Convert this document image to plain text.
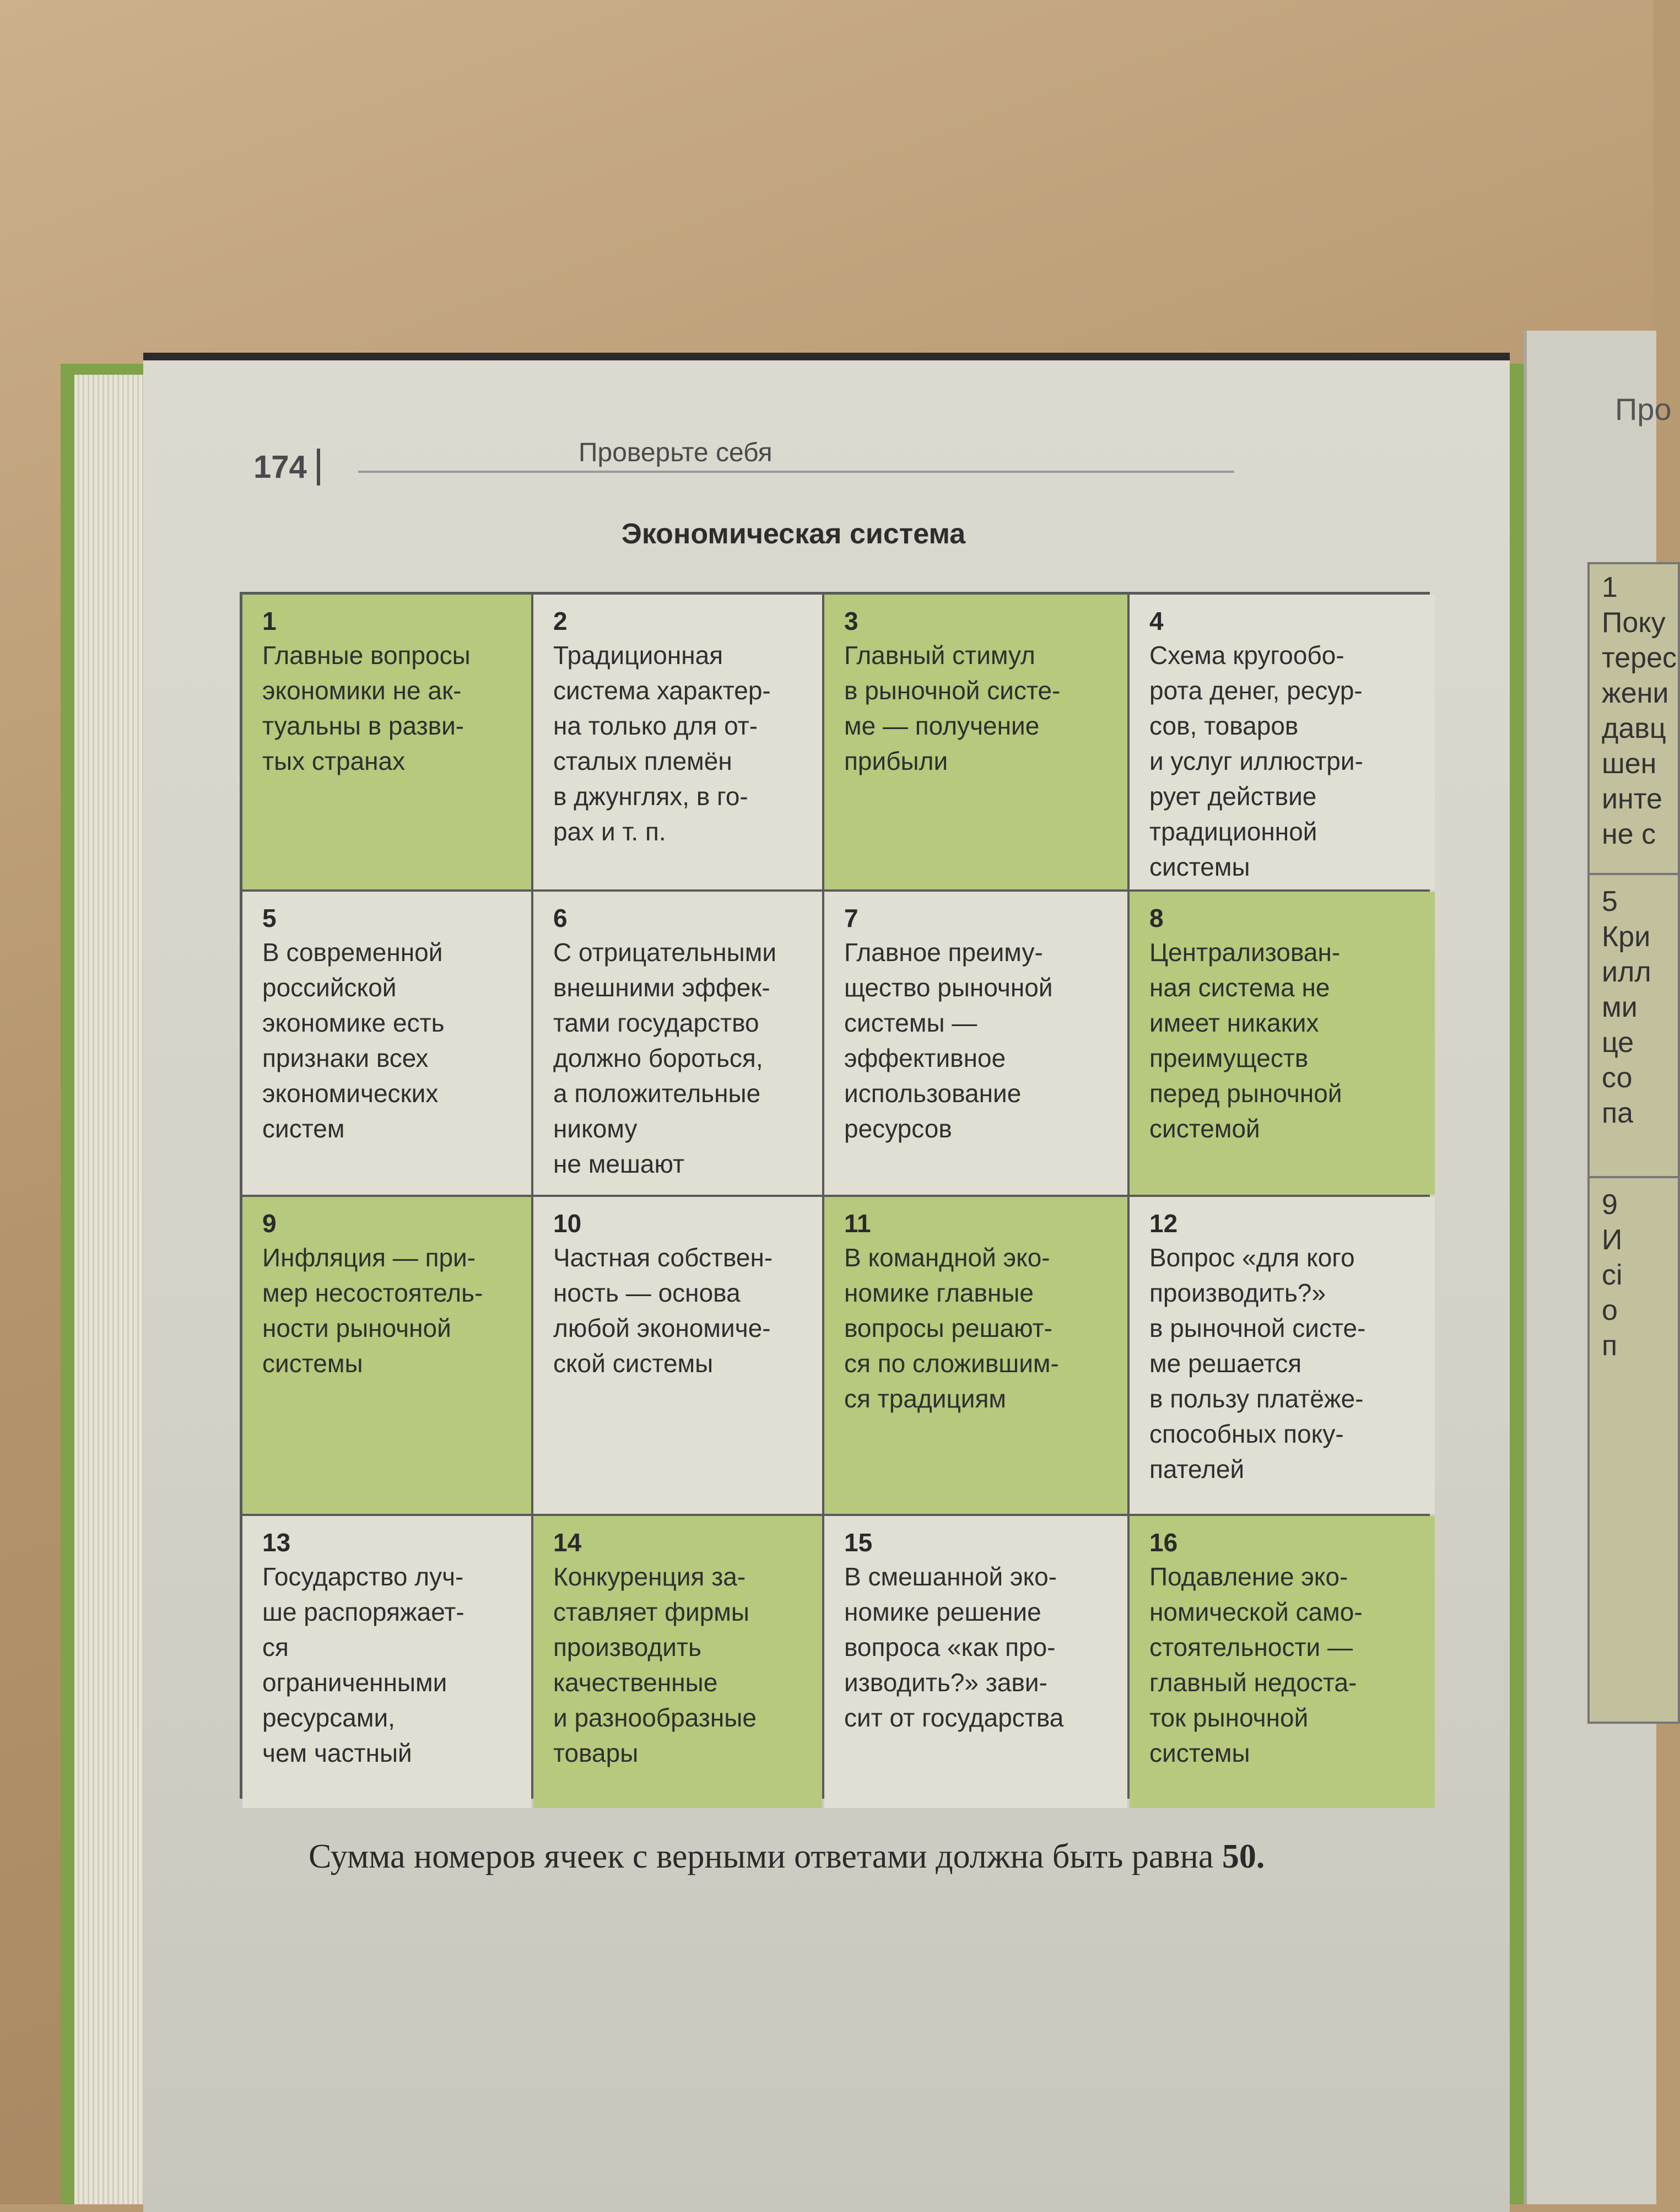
Про
1
Поку
терес
жени
давц
шен
инте
не с
5
Кри
илл
ми
це
со
па
9
И
сі
о
п
174	Проверьте себя
Экономическая система
1
Главные вопросы
экономики не ак-
туальны в разви-
тых странах
2
Традиционная
система характер-
на только для от-
сталых племён
в джунглях, в го-
рах и т. п.
3
Главный стимул
в рыночной систе-
ме — получение
прибыли
4
Схема кругообо-
рота денег, ресур-
сов, товаров
и услуг иллюстри-
рует действие
традиционной
системы
5
В современной
российской
экономике есть
признаки всех
экономических
систем
6
С отрицательными
внешними эффек-
тами государство
должно бороться,
а положительные
никому
не мешают
7
Главное преиму-
щество рыночной
системы —
эффективное
использование
ресурсов
8
Централизован-
ная система не
имеет никаких
преимуществ
перед рыночной
системой
9
Инфляция — при-
мер несостоятель-
ности рыночной
системы
10
Частная собствен-
ность — основа
любой экономиче-
ской системы
11
В командной эко-
номике главные
вопросы решают-
ся по сложившим-
ся традициям
12
Вопрос «для кого
производить?»
в рыночной систе-
ме решается
в пользу платёже-
способных поку-
пателей
13
Государство луч-
ше распоряжает-
ся
ограниченными
ресурсами,
чем частный
14
Конкуренция за-
ставляет фирмы
производить
качественные
и разнообразные
товары
15
В смешанной эко-
номике решение
вопроса «как про-
изводить?» зави-
сит от государства
16
Подавление эко-
номической само-
стоятельности —
главный недоста-
ток рыночной
системы
Сумма номеров ячеек с верными ответами должна быть равна 50.
